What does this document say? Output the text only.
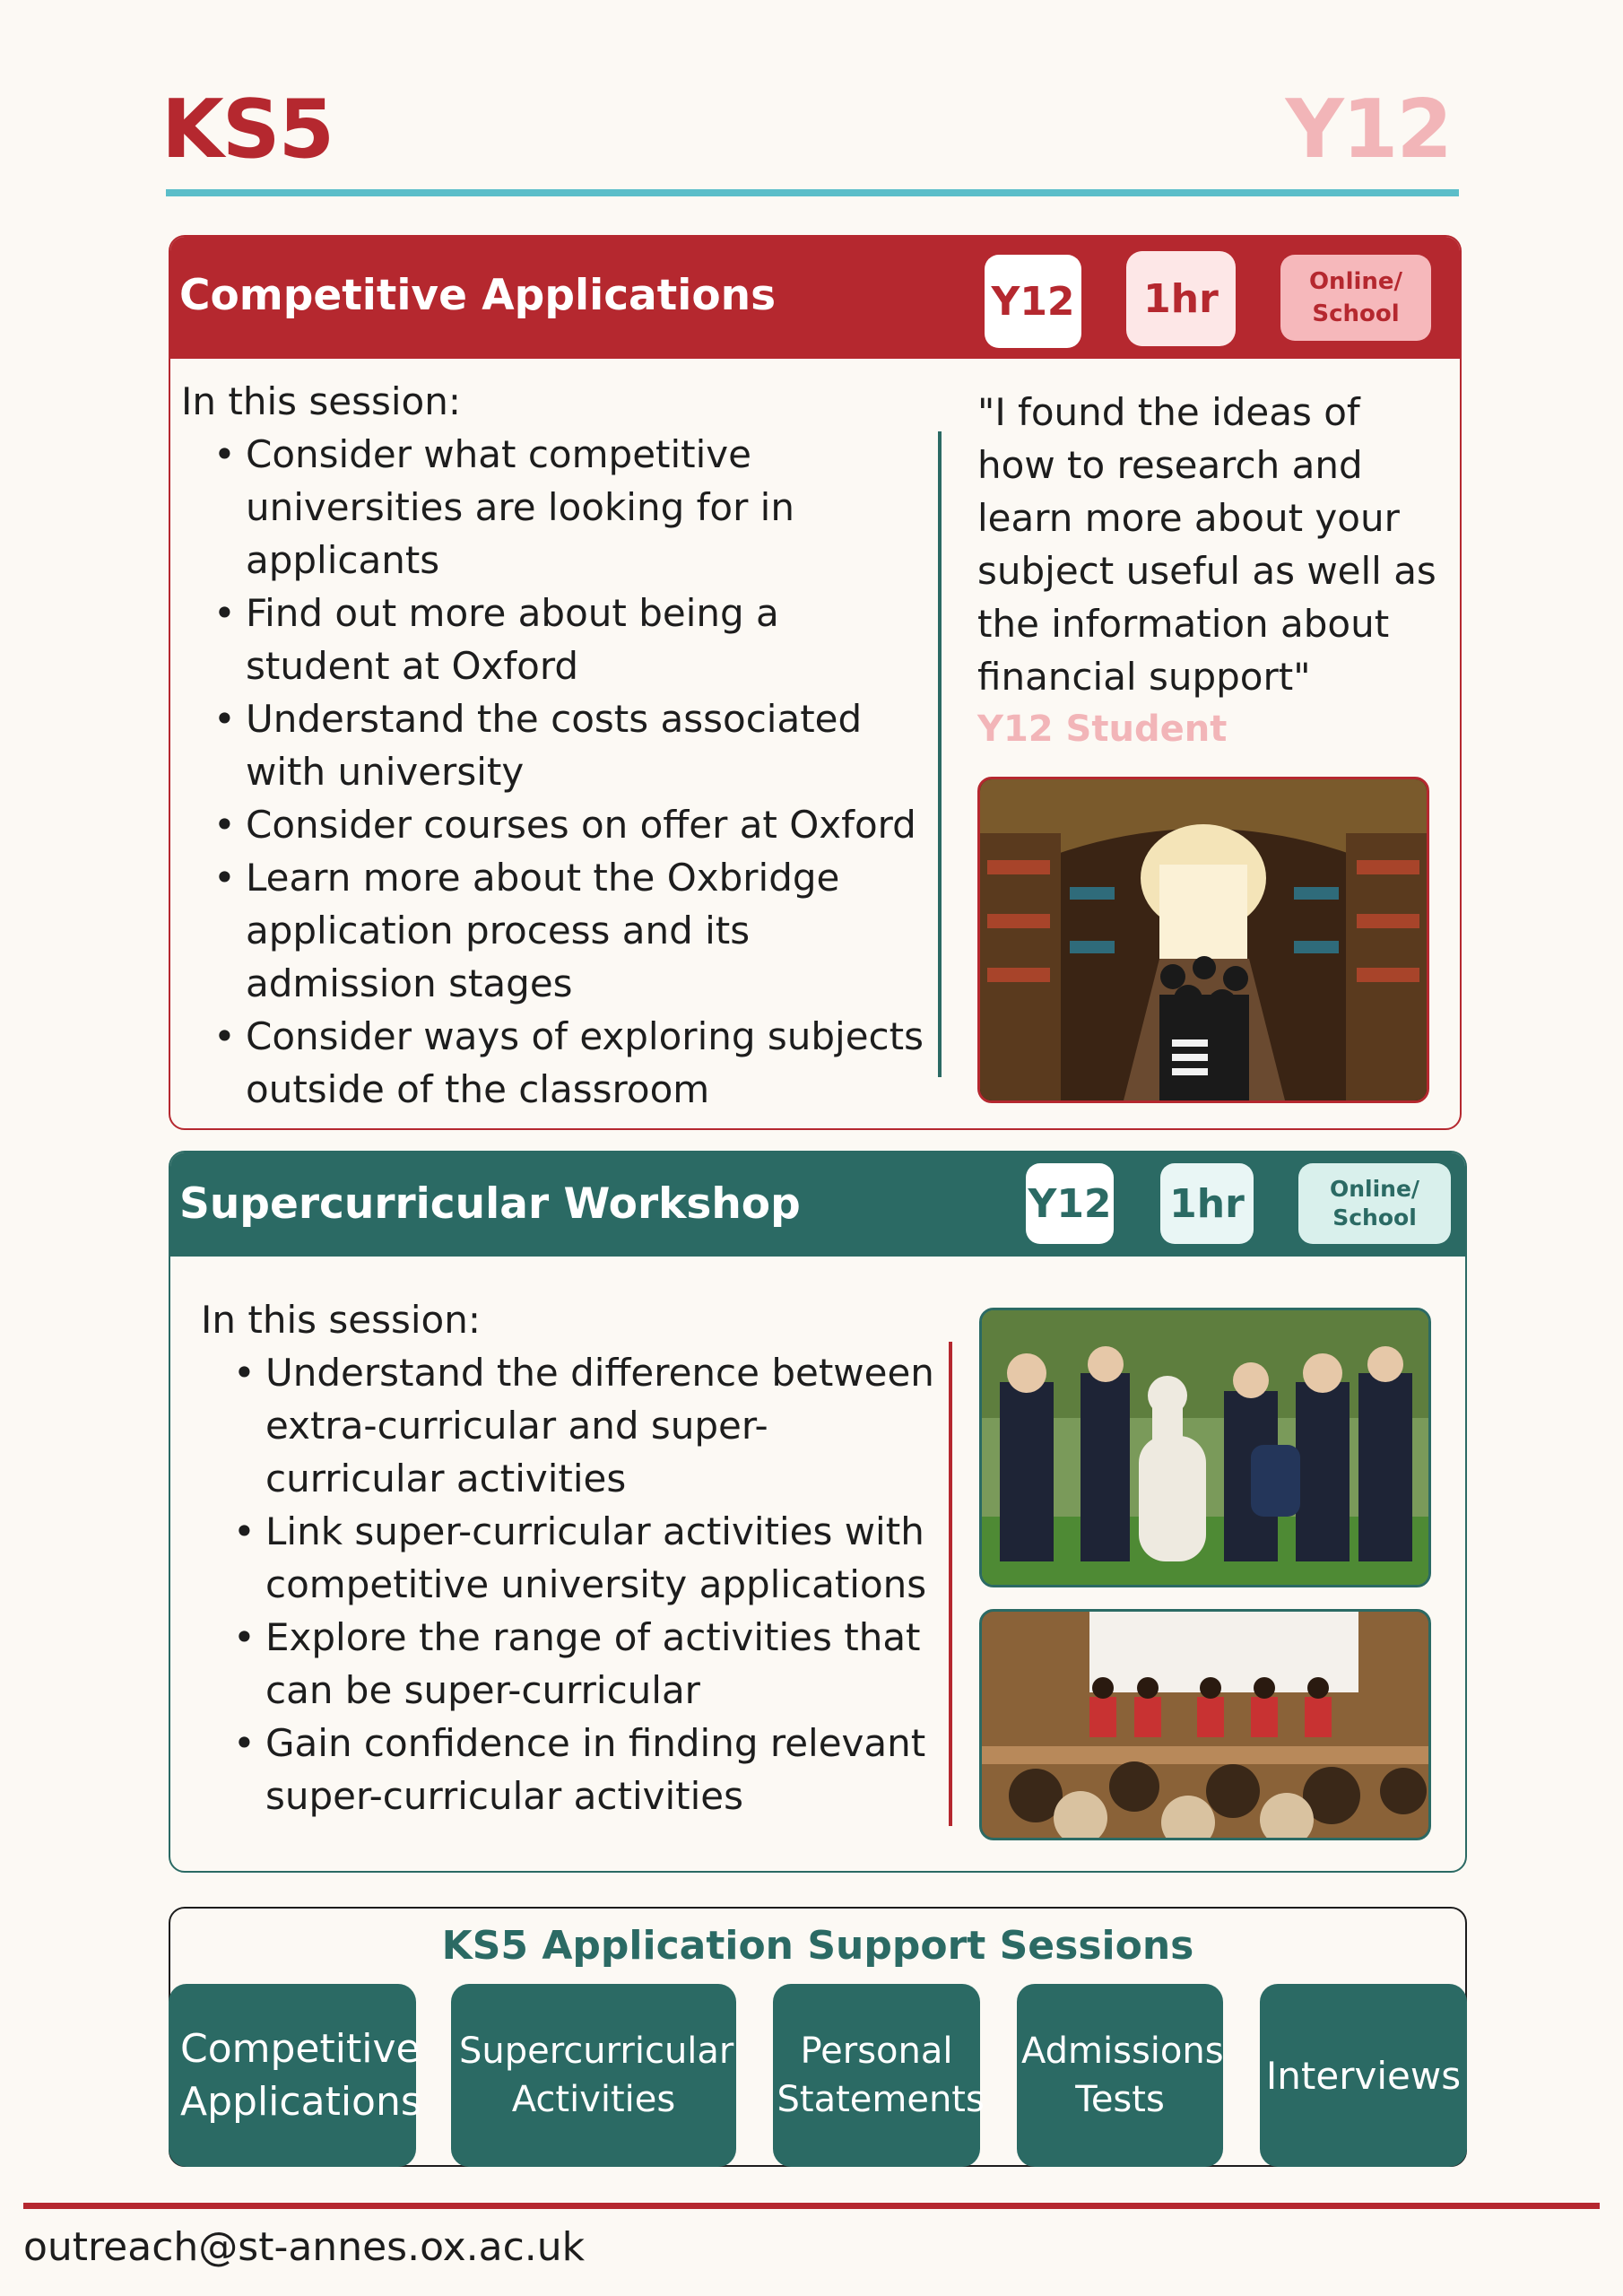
KS5	Y12
Competitive Applications	Y12	1hr	Online/ School
In this session:
• Consider what competitive universities are looking for in applicants
• Find out more about being a student at Oxford
• Understand the costs associated with university
• Consider courses on offer at Oxford
• Learn more about the Oxbridge application process and its admission stages
• Consider ways of exploring subjects outside of the classroom
"I found the ideas of how to research and learn more about your subject useful as well as the information about financial support"
Y12 Student
Supercurricular Workshop	Y12 1hr	Online/ School
In this session:
• Understand the difference between extra-curricular and super-curricular activities
• Link super-curricular activities with competitive university applications
• Explore the range of activities that can be super-curricular
• Gain confidence in finding relevant super-curricular activities
KS5 Application Support Sessions
Competitive Applications
Supercurricular Activities
Personal Statements
Admissions Tests
Interviews
outreach@st-annes.ox.ac.uk
